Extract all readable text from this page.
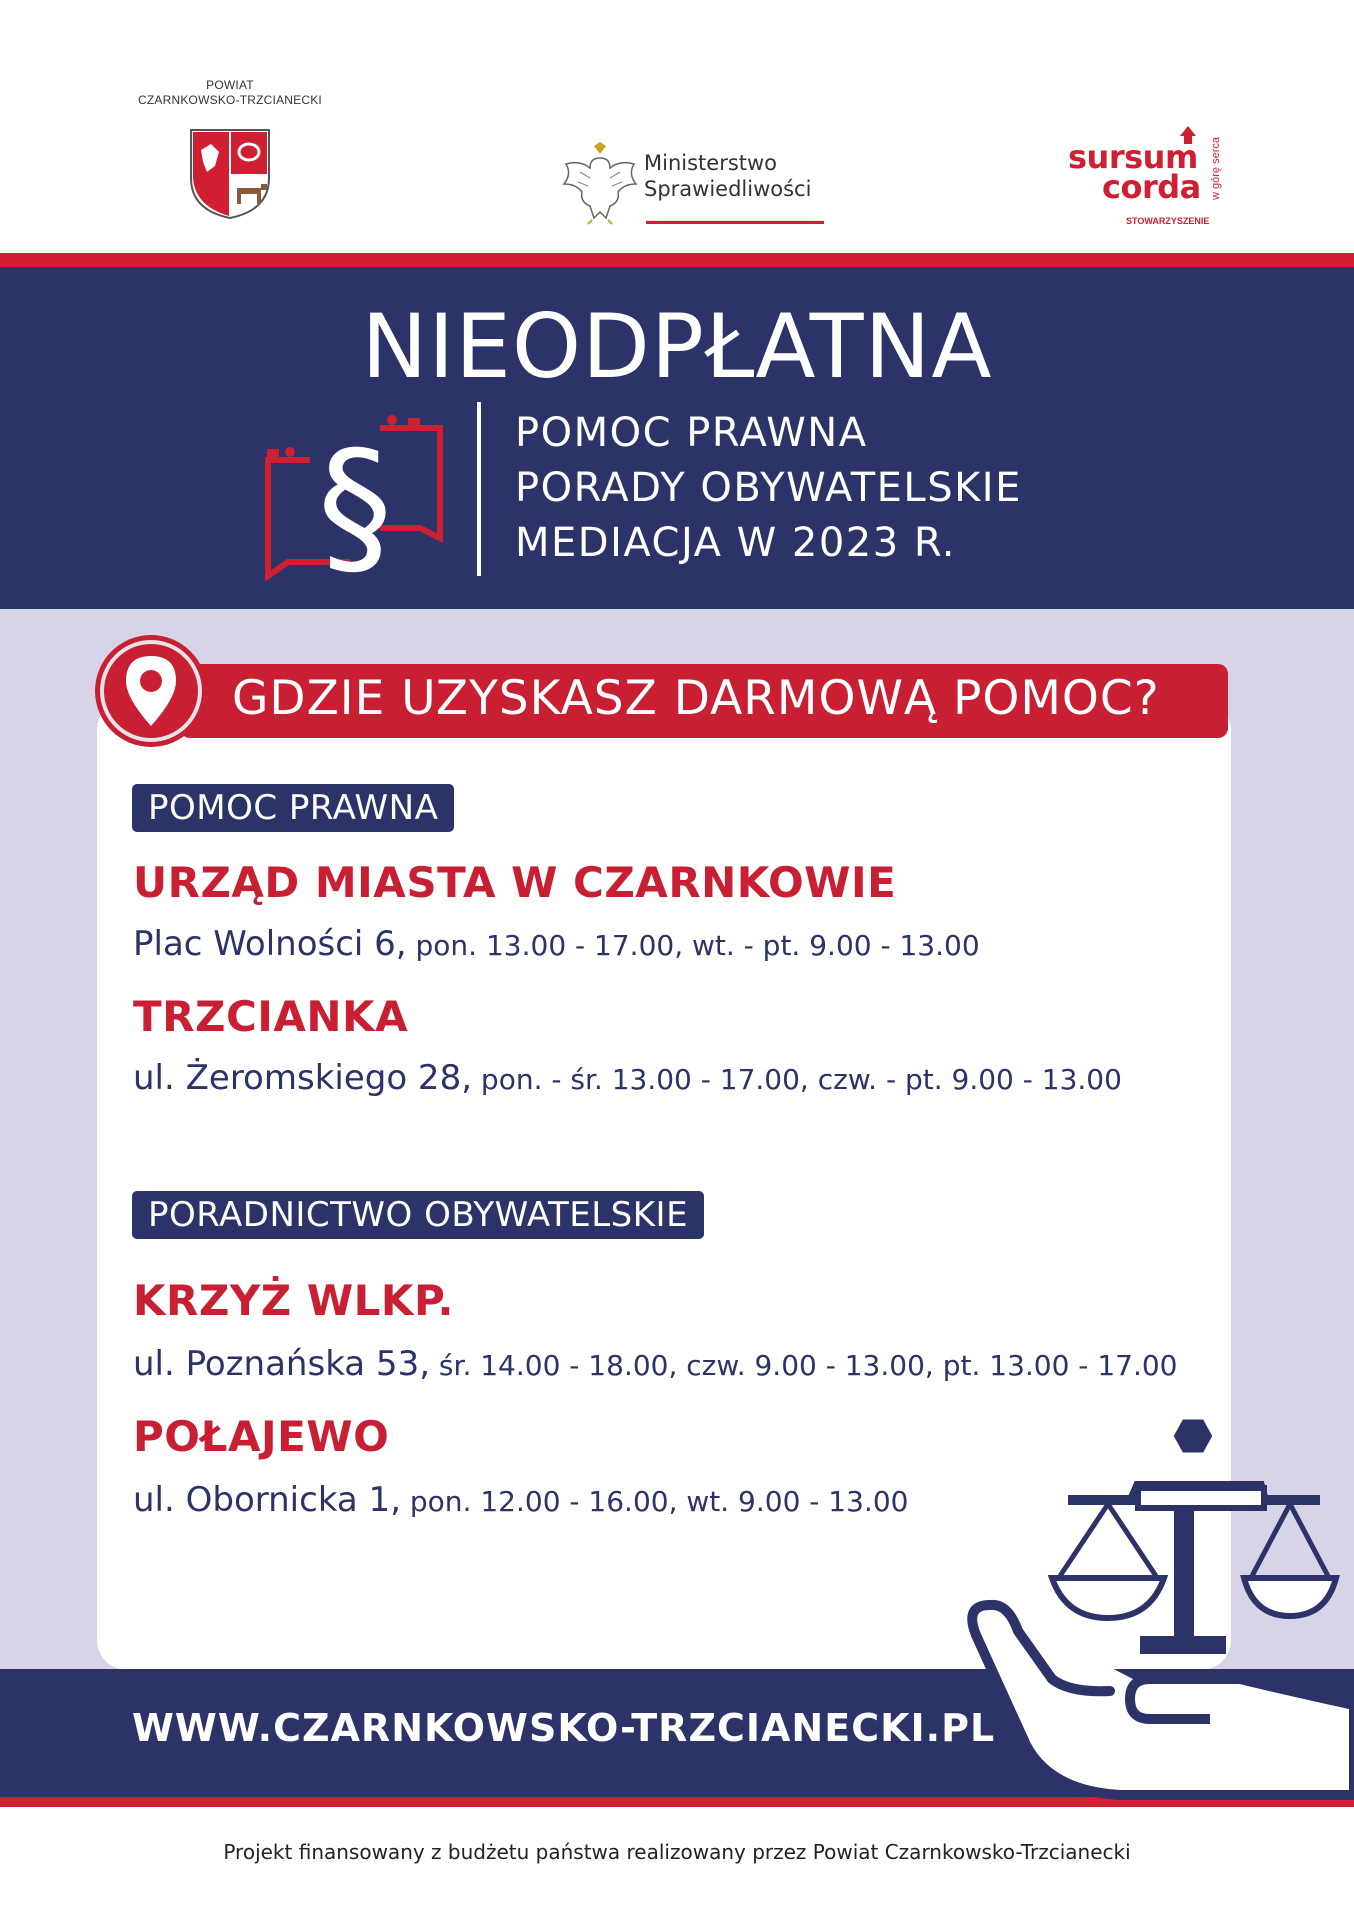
POWIAT
CZARNKOWSKO-TRZCIANECKI
Ministerstwo
Sprawiedliwości
sursum
corda
STOWARZYSZENIE
w górę serca
NIEODPŁATNA
§	POMOC PRAWNA
PORADY OBYWATELSKIE
MEDIACJA W 2023 R.
GDZIE UZYSKASZ DARMOWĄ POMOC?
POMOC PRAWNA
URZĄD MIASTA W CZARNKOWIE
Plac Wolności 6, pon. 13.00 - 17.00, wt. - pt. 9.00 - 13.00
TRZCIANKA
ul. Żeromskiego 28, pon. - śr. 13.00 - 17.00, czw. - pt. 9.00 - 13.00
PORADNICTWO OBYWATELSKIE
KRZYŻ WLKP.
ul. Poznańska 53, śr. 14.00 - 18.00, czw. 9.00 - 13.00, pt. 13.00 - 17.00
POŁAJEWO
ul. Obornicka 1, pon. 12.00 - 16.00, wt. 9.00 - 13.00
WWW.CZARNKOWSKO-TRZCIANECKI.PL
Projekt finansowany z budżetu państwa realizowany przez Powiat Czarnkowsko-Trzcianecki
